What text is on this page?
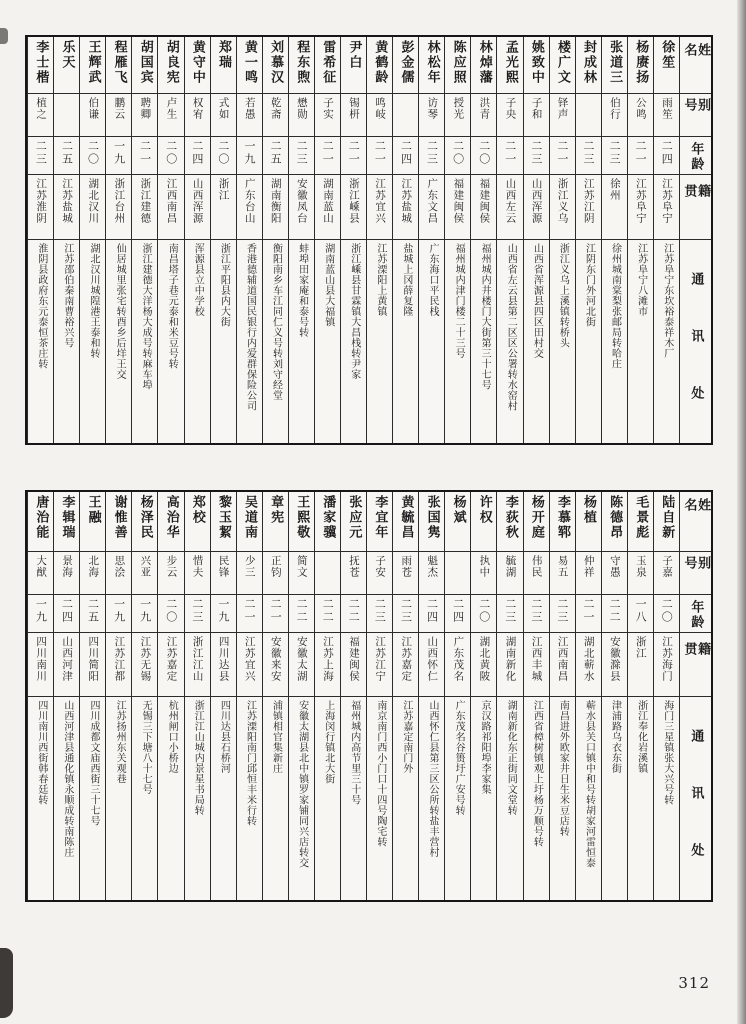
姓名
别号
年龄
籍贯
通讯处
徐笙
雨笙
二四
江苏阜宁
江苏阜宁东坎裕泰祥木厂
杨赓扬
公鸣
二一
江苏阜宁
江苏阜宁八滩市
张道三
伯行
二三
徐州
徐州城南棠梨张邮局转哈庄
封成林
二三
江苏江阴
江阴东门外河北街
楼广文
铎声
二一
浙江义乌
浙江义乌上溪镇转桥头
姚致中
子和
二三
山西浑源
山西省浑源县四区田村交
孟光熙
子央
二一
山西左云
山西省左云县第二区区公署转水窑村
林焯藩
洪青
二〇
福建闽侯
福州城内井楼门大街第三十七号
陈应照
授光
二〇
福建闽侯
福州城内津门楼二十三号
林松年
访琴
二三
广东文昌
广东海口平民栈
彭金儒
二四
江苏盐城
盐城上冈薛复隆
黄鹤龄
鸣岐
二一
江苏宜兴
江苏溧阳上黄镇
尹白
锡枅
二一
浙江嵊县
浙江嵊县甘霖镇大昌栈转尹家
雷希征
子实
二一
湖南蓝山
湖南蓝山县大福镇
程东煦
懋勋
二三
安徽凤台
蚌埠田家庵和泰号转
刘慕汉
乾斋
二五
湖南衡阳
衡阳南乡车江同仁义号转刘守经堂
黄一鸣
若愚
一九
广东台山
香港德辅道国民银行内爱群保险公司
郑瑞
式如
二〇
浙江
浙江平阳县内大街
黄守中
权宥
二四
山西浑源
浑源县立中学校
胡良宪
卢生
二〇
江西南昌
南昌塔子巷元泰和米豆号转
胡国宾
聘卿
二一
浙江建德
浙江建德大洋杨大成号转麻车埠
程雁飞
鹏云
一九
浙江台州
仙居城里张宅转酉乡后垟王交
王辉武
伯谦
二〇
湖北汉川
湖北汉川城隍港王泰和转
乐天
二五
江苏盐城
江苏邵伯秦南曹裕兴号
李士楷
植之
二三
江苏淮阴
淮阴县政府东元泰恒茶庄转
姓名
别号
年龄
籍贯
通讯处
陆自新
子嘉
二〇
江苏海门
海门三星镇张大兴号转
毛景彪
玉泉
一八
浙江
浙江奉化岩溪镇
陈德昂
守愚
二二
安徽滁县
津浦路乌衣东街
杨植
仲祥
二一
湖北蕲水
蕲水县关口镇中和号转胡家河雷恒泰
李慕郓
易五
二三
江西南昌
南昌进外欧家井日生米豆店转
杨开庭
伟民
二三
江西丰城
江西省樟树镇观上圩杨万顺号转
李荻秋
毓湖
二三
湖南新化
湖南新化东正街同文堂转
许权
执中
二〇
湖北黄陂
京汉路祁阳埠李家集
杨斌
二四
广东茂名
广东茂名谷篑圩广安号转
张国隽
魁杰
二四
山西怀仁
山西怀仁县第三区公所转盐丰营村
黄毓昌
雨苍
二三
江苏嘉定
江苏嘉定南门外
李宜年
子安
二三
江苏江宁
南京南门西小门口十四号陶宅转
张应元
抚苍
二二
福建闽侯
福州城内高节里三十号
潘家骥
二二
江苏上海
上海闵行镇北大街
王熙敬
简文
二二
安徽太湖
安徽太湖县北中镇罗家铺同兴店转交
章宪
正钧
二一
安徽来安
浦镇相官集新庄
吴道南
少三
二一
江苏宜兴
江苏溧阳南门邱恒丰米行转
黎玉絜
民锋
一九
四川达县
四川达县石桥河
郑校
惜夫
二三
浙江江山
浙江江山城内景星书局转
高治华
步云
二〇
江苏嘉定
杭州闸口小桥边
杨泽民
兴亚
一九
江苏无锡
无锡三下塘八十七号
谢惟善
思浍
一九
江苏江都
江苏扬州东关观巷
王融
北海
二五
四川简阳
四川成都文庙西街三十七号
李辑瑞
景海
二四
山西河津
山西河津县通化镇永顺成转南陈庄
唐治能
大猷
一九
四川南川
四川南川西街韩春廷转
312
